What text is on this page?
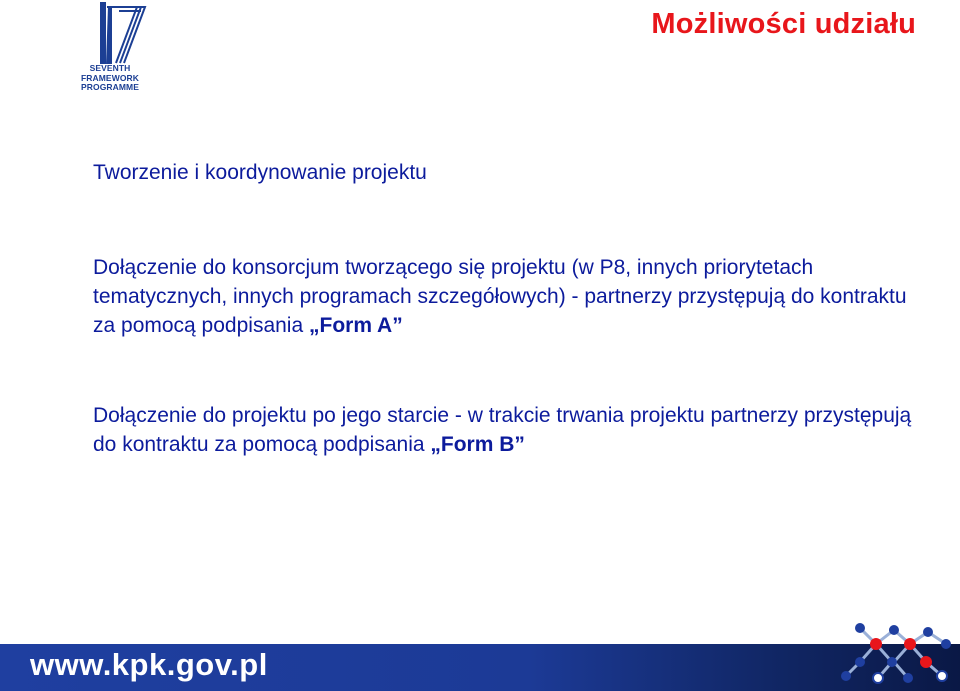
SEVENTH FRAMEWORK
PROGRAMME
Możliwości udziału

Tworzenie i koordynowanie projektu

Dołączenie do konsorcjum tworzącego się projektu (w P8, innych priorytetach tematycznych, innych programach szczegółowych) - partnerzy przystępują do kontraktu za pomocą podpisania „Form A”

Dołączenie do projektu po jego starcie - w trakcie trwania projektu partnerzy przystępują do kontraktu za pomocą podpisania „Form B”

www.kpk.gov.pl
